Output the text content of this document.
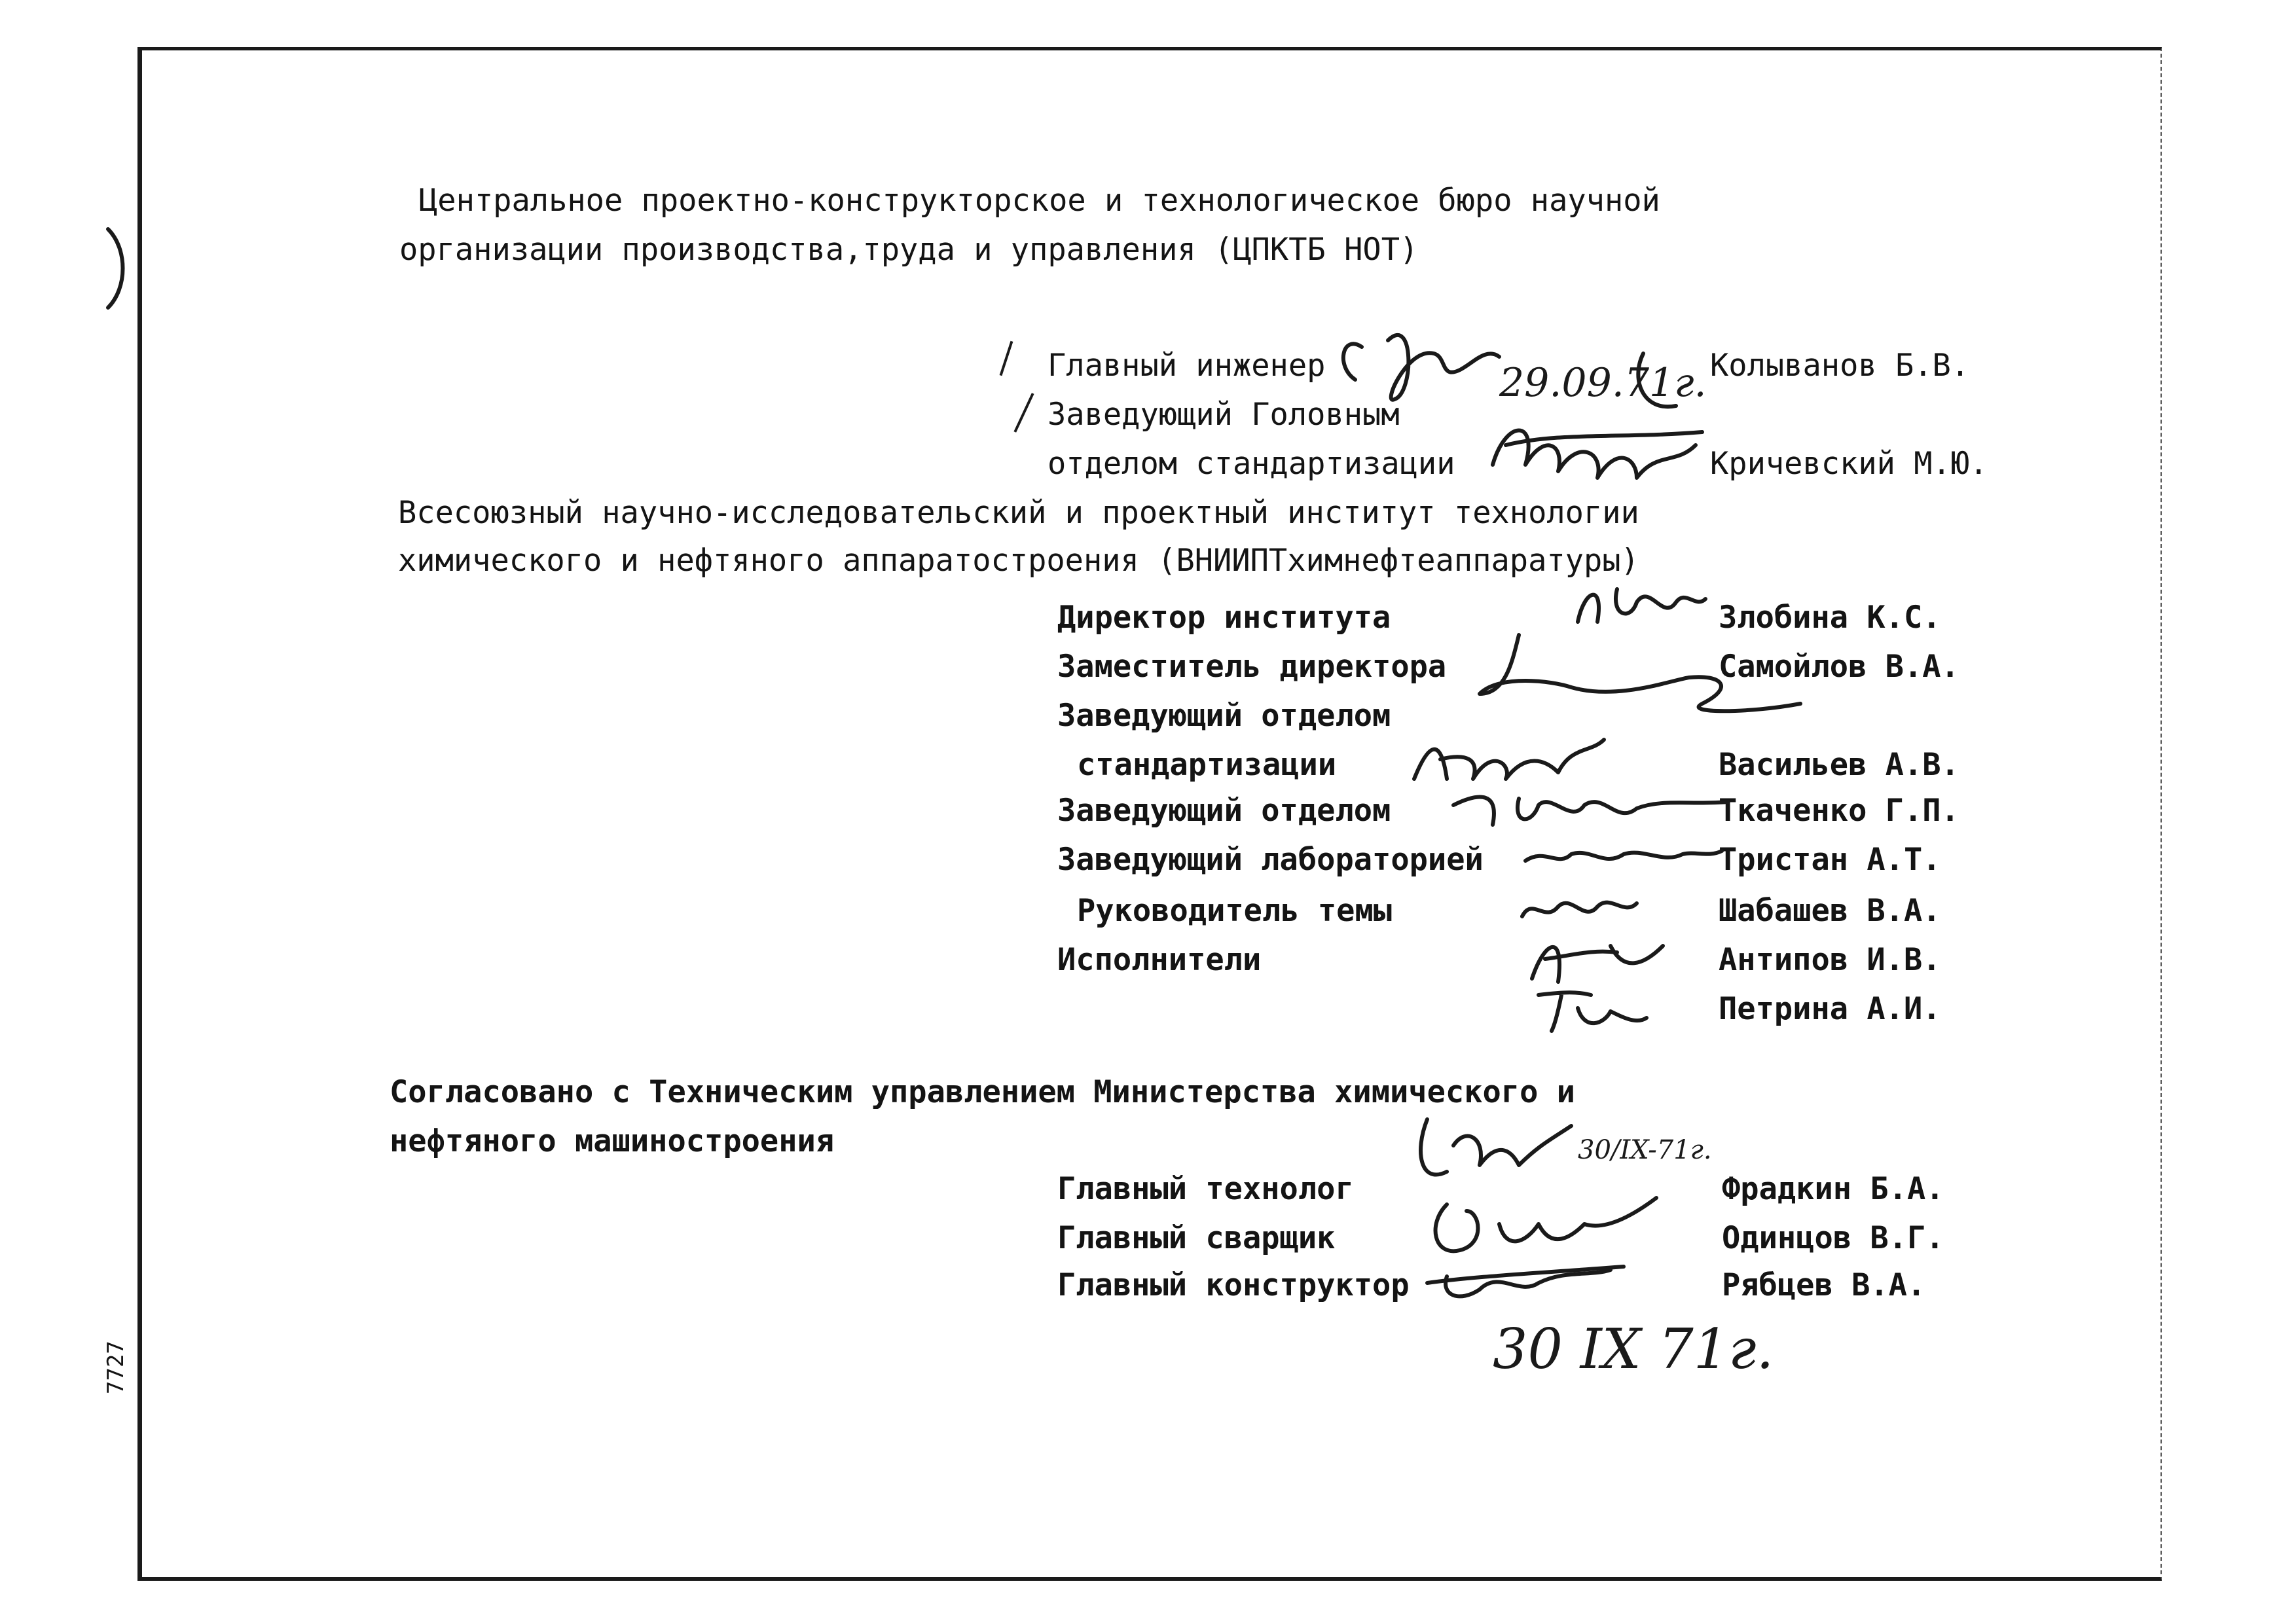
Центральное проектно-конструкторское и технологическое бюро научной
организации производства,труда и управления (ЦПКТБ НОТ)
Главный инженер	Колыванов Б.В.
Заведующий Головным
отделом стандартизации	Кричевский М.Ю.
Всесоюзный научно-исследовательский и проектный институт технологии
химического и нефтяного аппаратостроения (ВНИИПТхимнефтеаппаратуры)
Директор института	Злобина К.С.
Заместитель директора	Самойлов В.А.
Заведующий отделом
стандартизации	Васильев А.В.
Заведующий отделом	Ткаченко Г.П.
Заведующий лабораторией	Тристан А.Т.
Руководитель темы	Шабашев В.А.
Исполнители	Антипов И.В.
Петрина А.И.
Согласовано с Техническим управлением Министерства химического и
нефтяного машиностроения
Главный технолог	Фрадкин Б.А.
Главный сварщик	Одинцов В.Г.
Главный конструктор	Рябцев В.А.
29.09.71г.
30/IX-71г.
30 IX 71г.
7727
